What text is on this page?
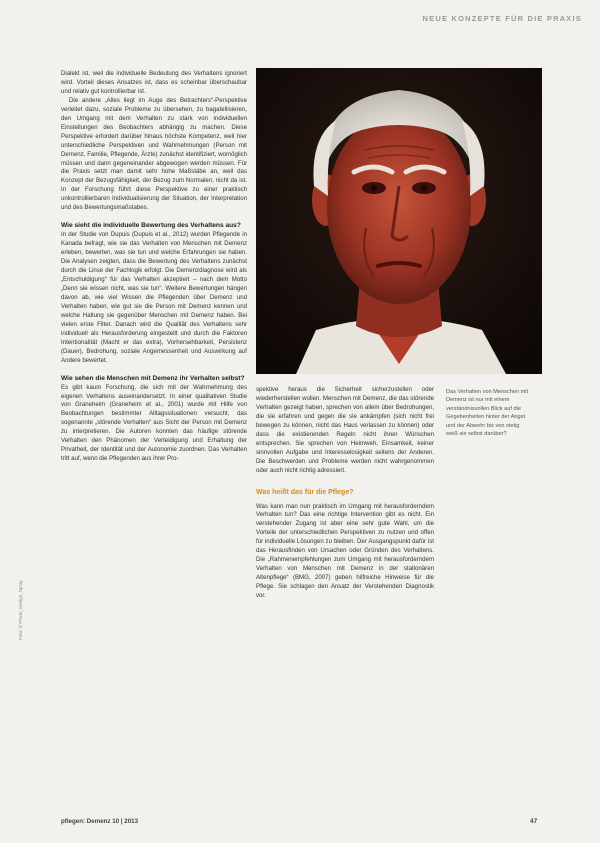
NEUE KONZEPTE FÜR DIE PRAXIS

Dialekt ist, weil die individuelle Bedeutung des Verhaltens ignoriert wird. Vorteil dieses Ansatzes ist, dass es scheinbar überschaubar und relativ gut kontrollierbar ist.

Die andere „Alles liegt im Auge des Betrachters“-Perspektive verleitet dazu, soziale Probleme zu übersehen, zu bagatellisieren, den Umgang mit dem Verhalten zu stark von individuellen Einstellungen des Beobachters abhängig zu machen. Diese Perspektive erfordert darüber hinaus höchste Kompetenz, weil hier unterschiedliche Perspektiven und Wahrnehmungen (Person mit Demenz, Familie, Pflegende, Ärzte) zunächst identifiziert, womöglich müssen und dann gegeneinander abgewogen werden müssen. Für die Praxis setzt man damit sehr hohe Maßstäbe an, weil das Konzept der Bezugsfähigkeit, der Bezug zum Normalen, nicht da ist. In der Forschung führt diese Perspektive zu einer praktisch unkontrollierbaren Individualisierung der Situation, der Interpretation und des Bewertungsmaßstabes.

Wie sieht die individuelle Bewertung des Verhaltens aus?

In der Studie von Dupuis (Dupuis et al., 2012) wurden Pflegende in Kanada befragt, wie sie das Verhalten von Menschen mit Demenz erleben, bewerten, was sie tun und welche Erfahrungen sie haben. Die Analysen zeigten, dass die Bewertung des Verhaltens zunächst durch die Linse der Fachlogik erfolgt. Die Demenzdiagnose wird als „Entschuldigung“ für das Verhalten akzeptiert – nach dem Motto „Denn sie wissen nicht, was sie tun“. Weitere Bewertungen hängen davon ab, wie viel Wissen die Pflegenden über Demenz und Verhalten haben, wie gut sie die Person mit Demenz kennen und welche Haltung sie gegenüber Menschen mit Demenz haben. Bei vielen erste Filter. Danach wird die Qualität des Verhaltens sehr individuell als Herausforderung eingestellt und durch die Faktoren Intentionalität (Macht er das extra), Vorhersehbarkeit, Persistenz (Dauer), Bedrohung, soziale Angemessenheit und Auswirkung auf Andere bewertet.

Wie sehen die Menschen mit Demenz ihr Verhalten selbst?

Es gibt kaum Forschung, die sich mit der Wahrnehmung des eigenen Verhaltens auseinandersetzt. In einer qualitativen Studie von Graneheim (Graneheim et al., 2001) wurde mit Hilfe von Beobachtungen bestimmter Alltagssituationen versucht, das sogenannte „störende Verhalten“ aus Sicht der Person mit Demenz zu interpretieren. Die Autoren konnten das häufige störende Verhalten den Phänomen der Verteidigung und Erhaltung der Privatheit, der Identität und der Autonomie zuordnen. Das Verhalten tritt auf, wenn die Pflegenden aus ihrer Pro-

spektive heraus die Sicherheit sicherzustellen oder wiederherstellen wollen. Menschen mit Demenz, die das störende Verhalten gezeigt haben, sprechen von allem über Bedrohungen, die sie erfahren und gegen die sie ankämpfen (sich nicht frei bewegen zu können, nicht das Haus verlassen zu können) oder dass die existierenden Regeln nicht ihren Wünschen entsprechen. Sie sprechen von Heimweh, Einsamkeit, keiner sinnvollen Aufgabe und Interesselosigkeit seitens der Anderen. Die Beschwerden und Probleme werden nicht wahrgenommen oder auch nicht richtig adressiert.

Was heißt das für die Pflege?

Was kann man nun praktisch im Umgang mit herausforderndem Verhalten tun? Das eine richtige Intervention gibt es nicht. Ein verstehender Zugang ist aber eine sehr gute Wahl, um die Vorteile der unterschiedlichen Perspektiven zu nutzen und offen für individuelle Lösungen zu bleiben. Der Ausgangspunkt dafür ist das Herausfinden von Ursachen oder Gründen des Verhaltens. Die „Rahmenempfehlungen zum Umgang mit herausforderndem Verhalten von Menschen mit Demenz in der stationären Altenpflege“ (BMG, 2007) geben hilfreiche Hinweise für die Pflege. Sie schlagen den Ansatz der Verstehenden Diagnostik vor.

Das Verhalten von Menschen mit Demenz ist nur mit einem verständnisvollen Blick auf die Gegebenheiten hinter der Angst und der Abwehr bis von stetig weiß sie selbst darüber?
Foto: © Photo_Design_Spray
pflegen: Demenz 10 | 2013	47
